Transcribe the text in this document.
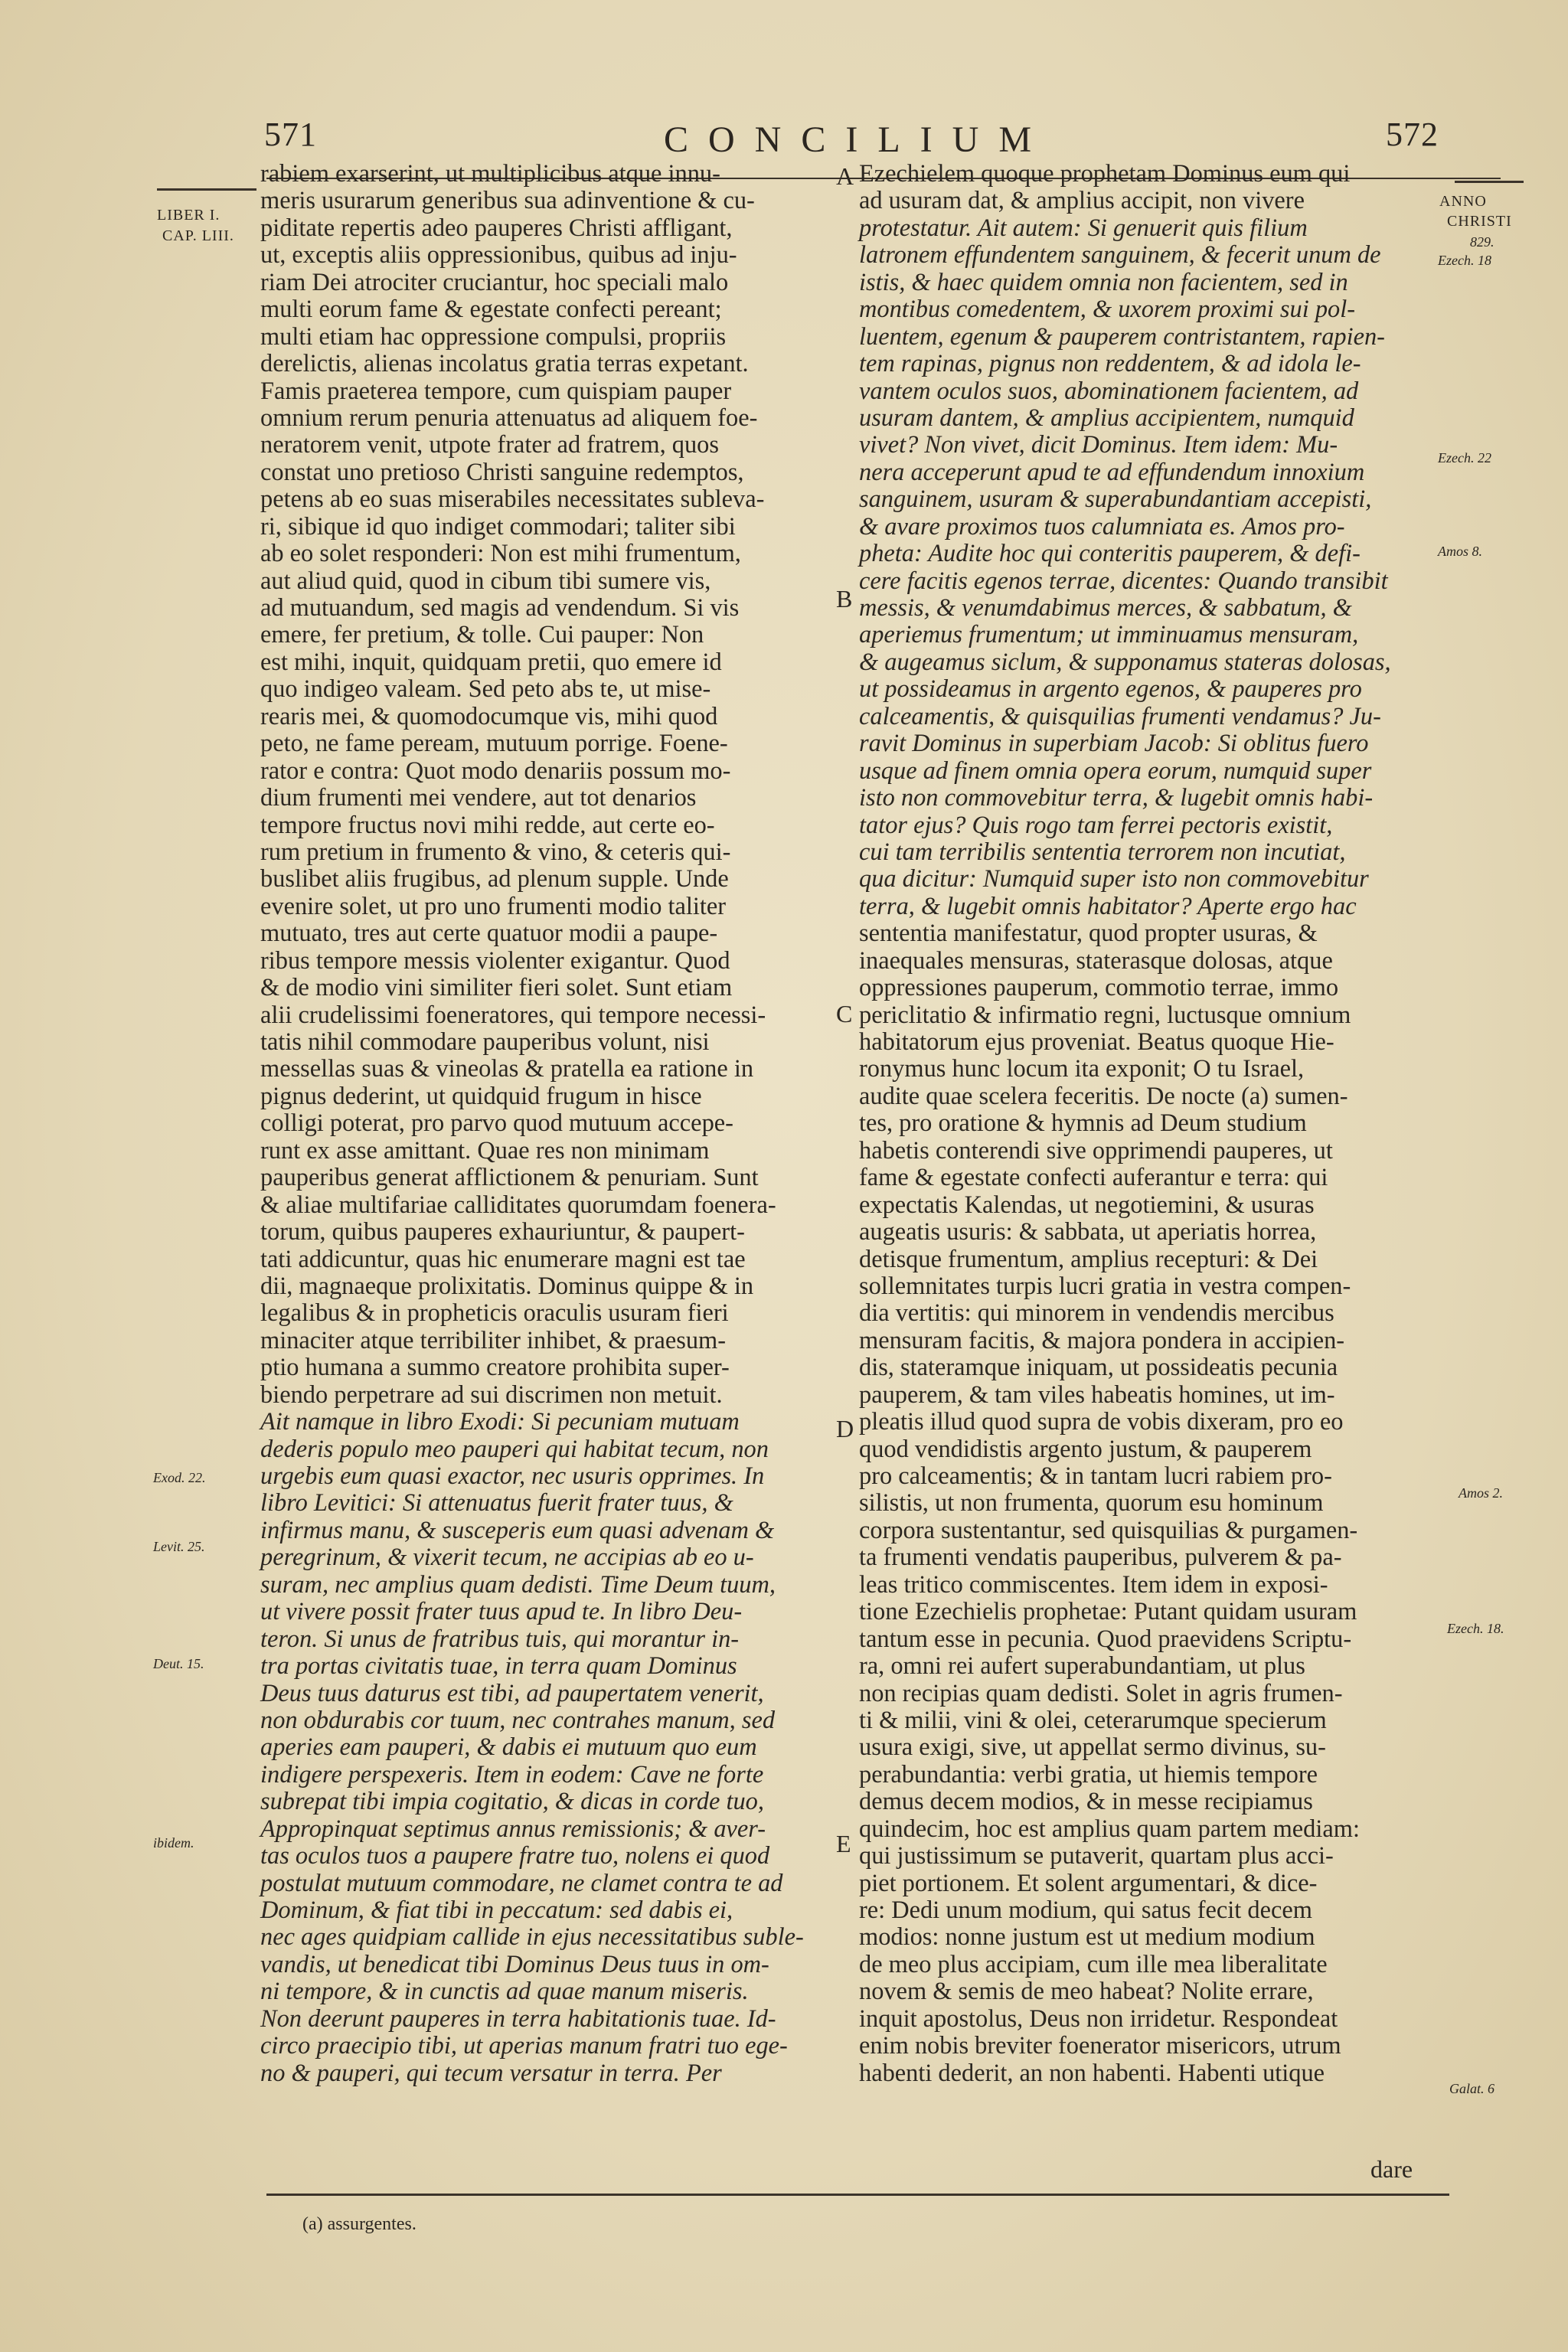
571	CONCILIUM	572
LIBER I.
CAP. LIII.
Exod. 22.
Levit. 25.
Deut. 15.
ibidem.
ANNO
CHRISTI
829.
Ezech. 18
Ezech. 22
Amos 8.
Amos 2.
Ezech. 18.
Galat. 6
A
B
C
D
E
rabiem exarserint, ut multiplicibus atque innu-
meris usurarum generibus sua adinventione & cu-
piditate repertis adeo pauperes Christi affligant,
ut, exceptis aliis oppressionibus, quibus ad inju-
riam Dei atrociter cruciantur, hoc speciali malo
multi eorum fame & egestate confecti pereant;
multi etiam hac oppressione compulsi, propriis
derelictis, alienas incolatus gratia terras expetant.
Famis praeterea tempore, cum quispiam pauper
omnium rerum penuria attenuatus ad aliquem foe-
neratorem venit, utpote frater ad fratrem, quos
constat uno pretioso Christi sanguine redemptos,
petens ab eo suas miserabiles necessitates subleva-
ri, sibique id quo indiget commodari; taliter sibi
ab eo solet responderi: Non est mihi frumentum,
aut aliud quid, quod in cibum tibi sumere vis,
ad mutuandum, sed magis ad vendendum. Si vis
emere, fer pretium, & tolle. Cui pauper: Non
est mihi, inquit, quidquam pretii, quo emere id
quo indigeo valeam. Sed peto abs te, ut mise-
rearis mei, & quomodocumque vis, mihi quod
peto, ne fame peream, mutuum porrige. Foene-
rator e contra: Quot modo denariis possum mo-
dium frumenti mei vendere, aut tot denarios
tempore fructus novi mihi redde, aut certe eo-
rum pretium in frumento & vino, & ceteris qui-
buslibet aliis frugibus, ad plenum supple. Unde
evenire solet, ut pro uno frumenti modio taliter
mutuato, tres aut certe quatuor modii a paupe-
ribus tempore messis violenter exigantur. Quod
& de modio vini similiter fieri solet. Sunt etiam
alii crudelissimi foeneratores, qui tempore necessi-
tatis nihil commodare pauperibus volunt, nisi
messellas suas & vineolas & pratella ea ratione in
pignus dederint, ut quidquid frugum in hisce
colligi poterat, pro parvo quod mutuum accepe-
runt ex asse amittant. Quae res non minimam
pauperibus generat afflictionem & penuriam. Sunt
& aliae multifariae calliditates quorumdam foenera-
torum, quibus pauperes exhauriuntur, & paupert-
tati addicuntur, quas hic enumerare magni est tae
dii, magnaeque prolixitatis. Dominus quippe & in
legalibus & in propheticis oraculis usuram fieri
minaciter atque terribiliter inhibet, & praesum-
ptio humana a summo creatore prohibita super-
biendo perpetrare ad sui discrimen non metuit.
Ait namque in libro Exodi: Si pecuniam mutuam
dederis populo meo pauperi qui habitat tecum, non
urgebis eum quasi exactor, nec usuris opprimes. In
libro Levitici: Si attenuatus fuerit frater tuus, &
infirmus manu, & susceperis eum quasi advenam &
peregrinum, & vixerit tecum, ne accipias ab eo u-
suram, nec amplius quam dedisti. Time Deum tuum,
ut vivere possit frater tuus apud te. In libro Deu-
teron. Si unus de fratribus tuis, qui morantur in-
tra portas civitatis tuae, in terra quam Dominus
Deus tuus daturus est tibi, ad paupertatem venerit,
non obdurabis cor tuum, nec contrahes manum, sed
aperies eam pauperi, & dabis ei mutuum quo eum
indigere perspexeris. Item in eodem: Cave ne forte
subrepat tibi impia cogitatio, & dicas in corde tuo,
Appropinquat septimus annus remissionis; & aver-
tas oculos tuos a paupere fratre tuo, nolens ei quod
postulat mutuum commodare, ne clamet contra te ad
Dominum, & fiat tibi in peccatum: sed dabis ei,
nec ages quidpiam callide in ejus necessitatibus suble-
vandis, ut benedicat tibi Dominus Deus tuus in om-
ni tempore, & in cunctis ad quae manum miseris.
Non deerunt pauperes in terra habitationis tuae. Id-
circo praecipio tibi, ut aperias manum fratri tuo ege-
no & pauperi, qui tecum versatur in terra. Per
Ezechielem quoque prophetam Dominus eum qui
ad usuram dat, & amplius accipit, non vivere
protestatur. Ait autem: Si genuerit quis filium
latronem effundentem sanguinem, & fecerit unum de
istis, & haec quidem omnia non facientem, sed in
montibus comedentem, & uxorem proximi sui pol-
luentem, egenum & pauperem contristantem, rapien-
tem rapinas, pignus non reddentem, & ad idola le-
vantem oculos suos, abominationem facientem, ad
usuram dantem, & amplius accipientem, numquid
vivet? Non vivet, dicit Dominus. Item idem: Mu-
nera acceperunt apud te ad effundendum innoxium
sanguinem, usuram & superabundantiam accepisti,
& avare proximos tuos calumniata es. Amos pro-
pheta: Audite hoc qui conteritis pauperem, & defi-
cere facitis egenos terrae, dicentes: Quando transibit
messis, & venumdabimus merces, & sabbatum, &
aperiemus frumentum; ut imminuamus mensuram,
& augeamus siclum, & supponamus stateras dolosas,
ut possideamus in argento egenos, & pauperes pro
calceamentis, & quisquilias frumenti vendamus? Ju-
ravit Dominus in superbiam Jacob: Si oblitus fuero
usque ad finem omnia opera eorum, numquid super
isto non commovebitur terra, & lugebit omnis habi-
tator ejus? Quis rogo tam ferrei pectoris existit,
cui tam terribilis sententia terrorem non incutiat,
qua dicitur: Numquid super isto non commovebitur
terra, & lugebit omnis habitator? Aperte ergo hac
sententia manifestatur, quod propter usuras, &
inaequales mensuras, staterasque dolosas, atque
oppressiones pauperum, commotio terrae, immo
periclitatio & infirmatio regni, luctusque omnium
habitatorum ejus proveniat. Beatus quoque Hie-
ronymus hunc locum ita exponit; O tu Israel,
audite quae scelera feceritis. De nocte (a) sumen-
tes, pro oratione & hymnis ad Deum studium
habetis conterendi sive opprimendi pauperes, ut
fame & egestate confecti auferantur e terra: qui
expectatis Kalendas, ut negotiemini, & usuras
augeatis usuris: & sabbata, ut aperiatis horrea,
detisque frumentum, amplius recepturi: & Dei
sollemnitates turpis lucri gratia in vestra compen-
dia vertitis: qui minorem in vendendis mercibus
mensuram facitis, & majora pondera in accipien-
dis, stateramque iniquam, ut possideatis pecunia
pauperem, & tam viles habeatis homines, ut im-
pleatis illud quod supra de vobis dixeram, pro eo
quod vendidistis argento justum, & pauperem
pro calceamentis; & in tantam lucri rabiem pro-
silistis, ut non frumenta, quorum esu hominum
corpora sustentantur, sed quisquilias & purgamen-
ta frumenti vendatis pauperibus, pulverem & pa-
leas tritico commiscentes. Item idem in exposi-
tione Ezechielis prophetae: Putant quidam usuram
tantum esse in pecunia. Quod praevidens Scriptu-
ra, omni rei aufert superabundantiam, ut plus
non recipias quam dedisti. Solet in agris frumen-
ti & milii, vini & olei, ceterarumque specierum
usura exigi, sive, ut appellat sermo divinus, su-
perabundantia: verbi gratia, ut hiemis tempore
demus decem modios, & in messe recipiamus
quindecim, hoc est amplius quam partem mediam:
qui justissimum se putaverit, quartam plus acci-
piet portionem. Et solent argumentari, & dice-
re: Dedi unum modium, qui satus fecit decem
modios: nonne justum est ut medium modium
de meo plus accipiam, cum ille mea liberalitate
novem & semis de meo habeat? Nolite errare,
inquit apostolus, Deus non irridetur. Respondeat
enim nobis breviter foenerator misericors, utrum
habenti dederit, an non habenti. Habenti utique
dare
(a) assurgentes.
